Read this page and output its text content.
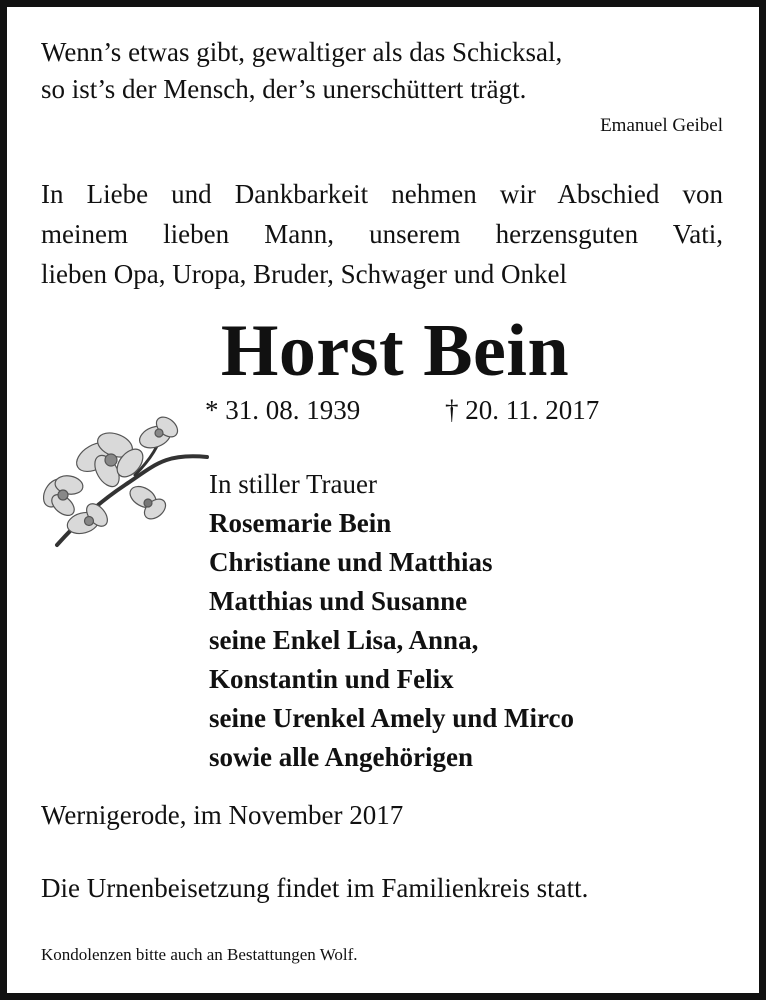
Wenn’s etwas gibt, gewaltiger als das Schicksal,
so ist’s der Mensch, der’s unerschüttert trägt.
Emanuel Geibel
In Liebe und Dankbarkeit nehmen wir Abschied von
meinem lieben Mann, unserem herzensguten Vati,
lieben Opa, Uropa, Bruder, Schwager und Onkel
Horst Bein
* 31. 08. 1939	† 20. 11. 2017
In stiller Trauer
Rosemarie Bein
Christiane und Matthias
Matthias und Susanne
seine Enkel Lisa, Anna,
Konstantin und Felix
seine Urenkel Amely und Mirco
sowie alle Angehörigen
Wernigerode, im November 2017
Die Urnenbeisetzung findet im Familienkreis statt.
Kondolenzen bitte auch an Bestattungen Wolf.
